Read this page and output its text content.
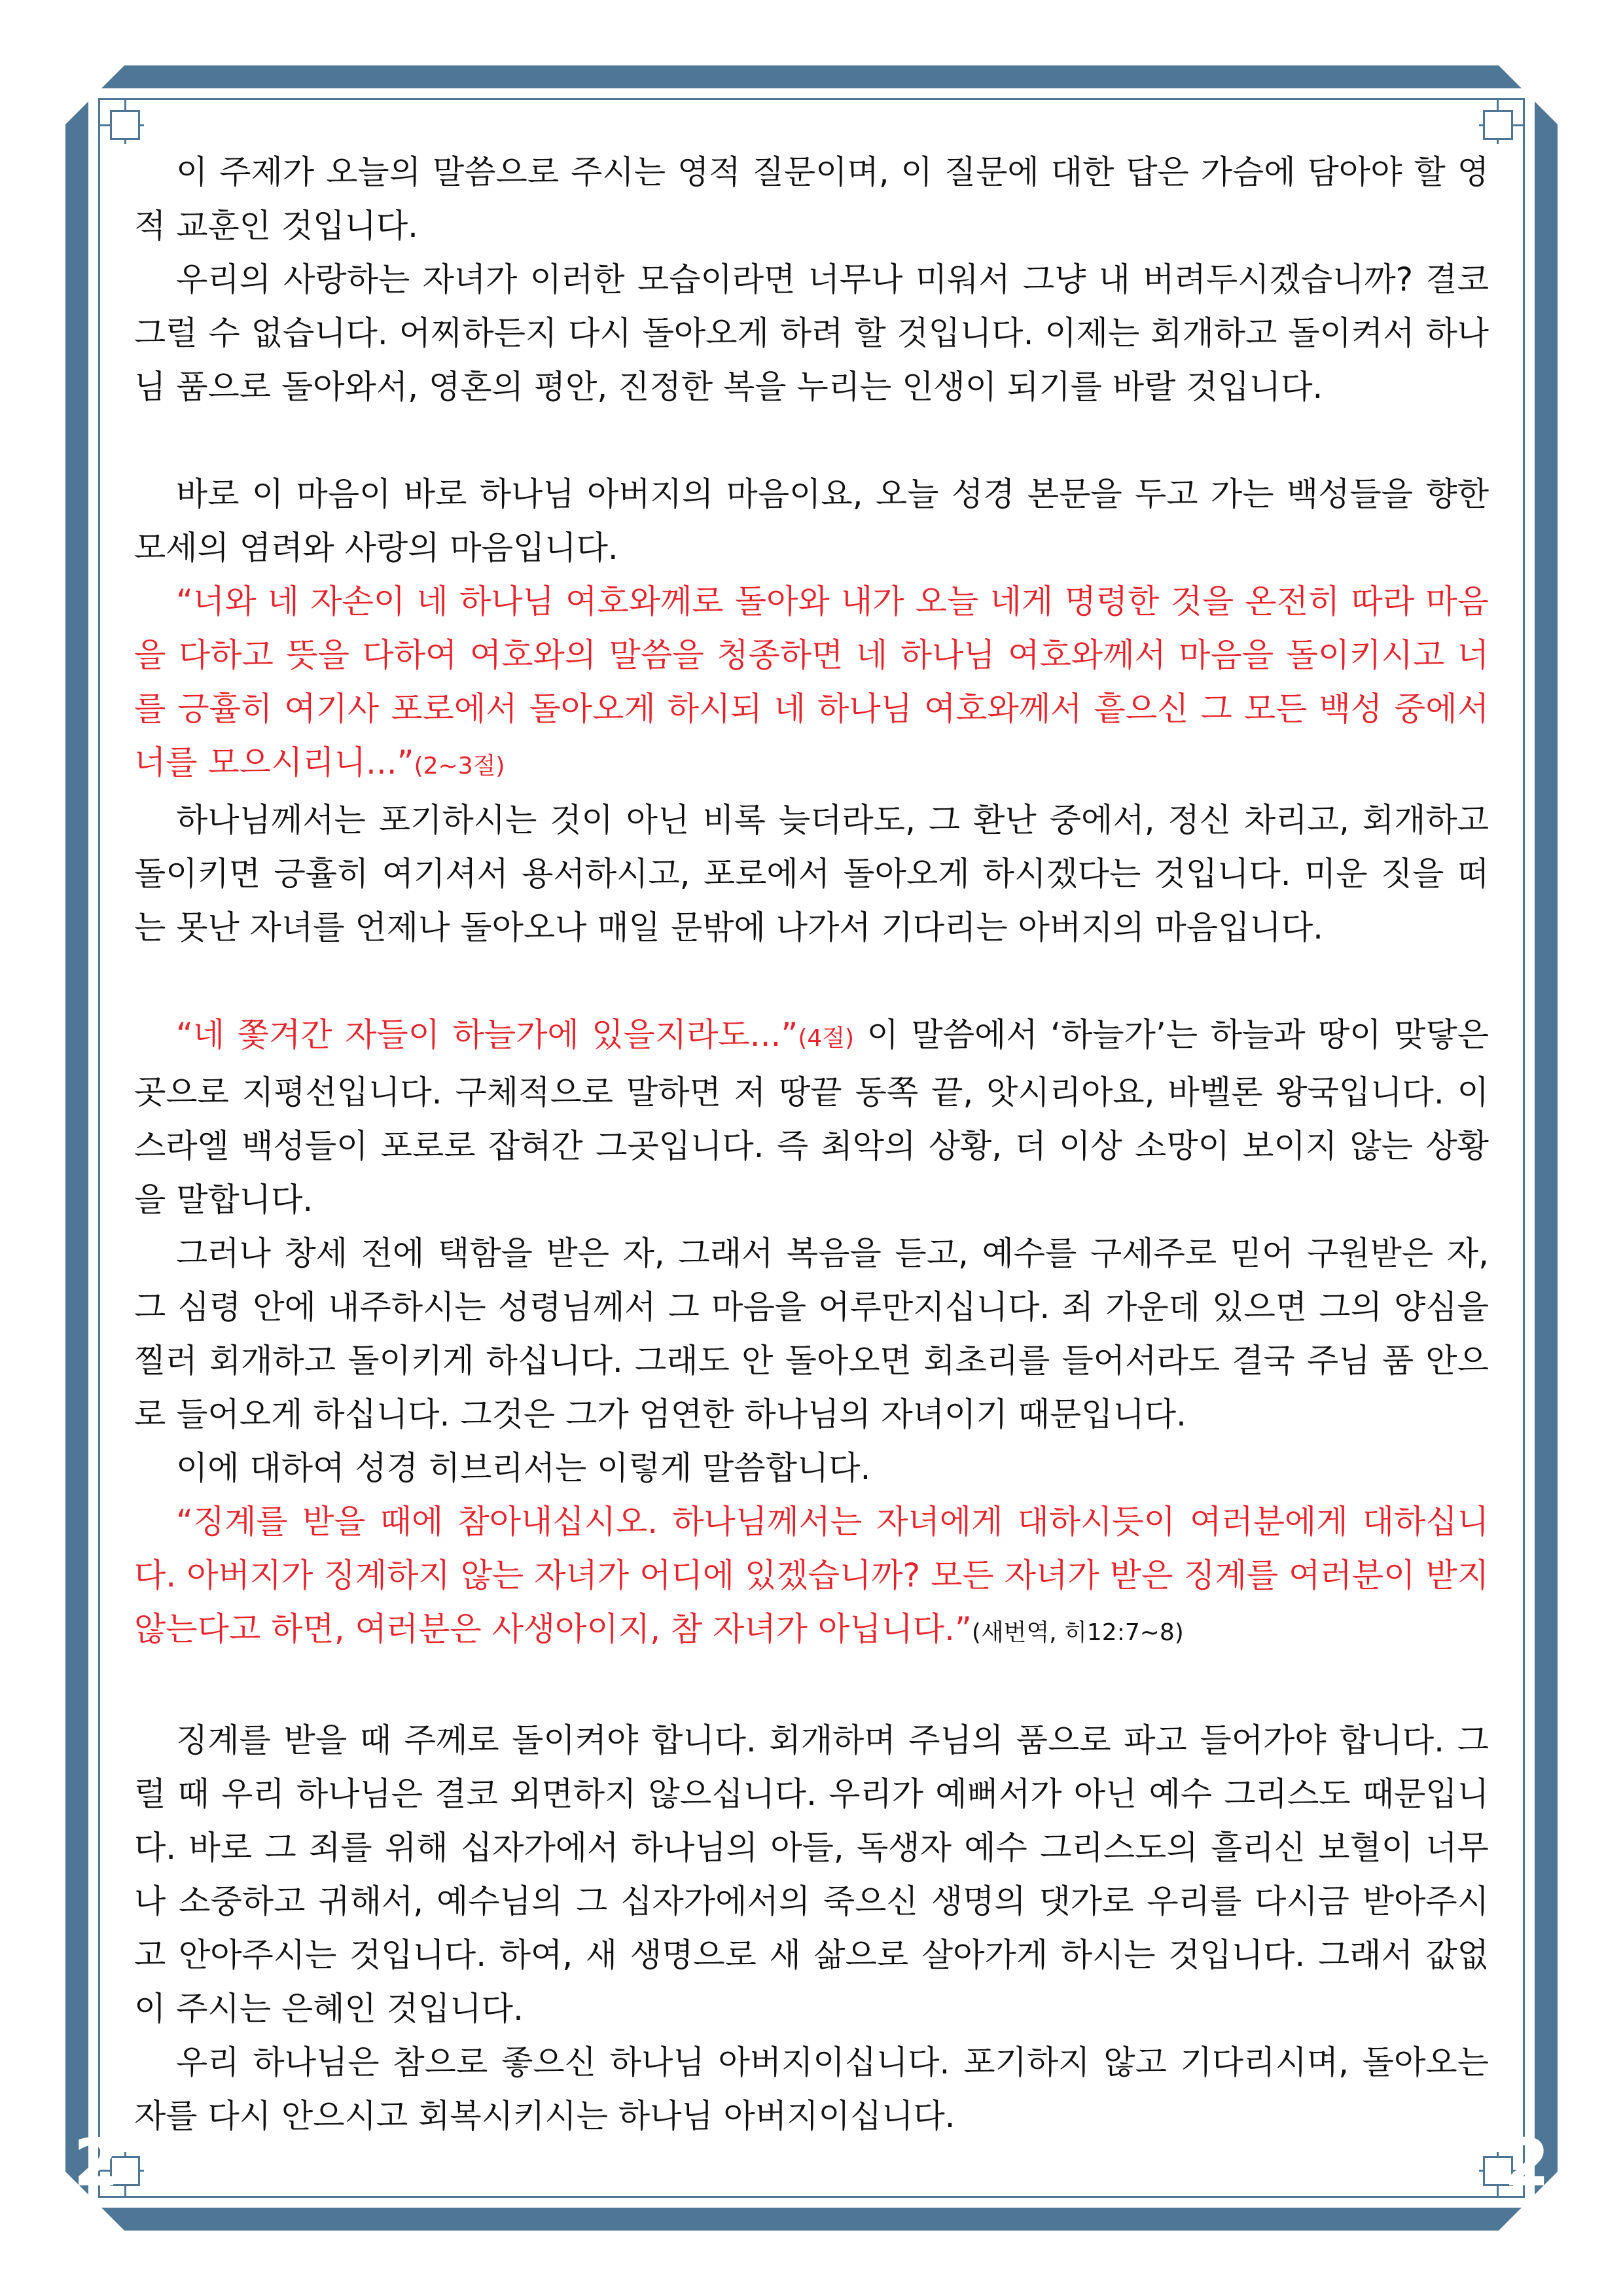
2	2

이 주제가 오늘의 말씀으로 주시는 영적 질문이며, 이 질문에 대한 답은 가슴에 담아야 할 영적 교훈인 것입니다.

우리의 사랑하는 자녀가 이러한 모습이라면 너무나 미워서 그냥 내 버려두시겠습니까? 결코 그럴 수 없습니다. 어찌하든지 다시 돌아오게 하려 할 것입니다. 이제는 회개하고 돌이켜서 하나님 품으로 돌아와서, 영혼의 평안, 진정한 복을 누리는 인생이 되기를 바랄 것입니다.

바로 이 마음이 바로 하나님 아버지의 마음이요, 오늘 성경 본문을 두고 가는 백성들을 향한 모세의 염려와 사랑의 마음입니다.

“너와 네 자손이 네 하나님 여호와께로 돌아와 내가 오늘 네게 명령한 것을 온전히 따라 마음을 다하고 뜻을 다하여 여호와의 말씀을 청종하면 네 하나님 여호와께서 마음을 돌이키시고 너를 긍휼히 여기사 포로에서 돌아오게 하시되 네 하나님 여호와께서 흩으신 그 모든 백성 중에서 너를 모으시리니...”(2~3절)

하나님께서는 포기하시는 것이 아닌 비록 늦더라도, 그 환난 중에서, 정신 차리고, 회개하고 돌이키면 긍휼히 여기셔서 용서하시고, 포로에서 돌아오게 하시겠다는 것입니다. 미운 짓을 떠는 못난 자녀를 언제나 돌아오나 매일 문밖에 나가서 기다리는 아버지의 마음입니다.

“네 쫓겨간 자들이 하늘가에 있을지라도...”(4절) 이 말씀에서 ‘하늘가’는 하늘과 땅이 맞닿은 곳으로 지평선입니다. 구체적으로 말하면 저 땅끝 동쪽 끝, 앗시리아요, 바벨론 왕국입니다. 이스라엘 백성들이 포로로 잡혀간 그곳입니다. 즉 최악의 상황, 더 이상 소망이 보이지 않는 상황을 말합니다.

그러나 창세 전에 택함을 받은 자, 그래서 복음을 듣고, 예수를 구세주로 믿어 구원받은 자, 그 심령 안에 내주하시는 성령님께서 그 마음을 어루만지십니다. 죄 가운데 있으면 그의 양심을 찔러 회개하고 돌이키게 하십니다. 그래도 안 돌아오면 회초리를 들어서라도 결국 주님 품 안으로 들어오게 하십니다. 그것은 그가 엄연한 하나님의 자녀이기 때문입니다.

이에 대하여 성경 히브리서는 이렇게 말씀합니다.

“징계를 받을 때에 참아내십시오. 하나님께서는 자녀에게 대하시듯이 여러분에게 대하십니다. 아버지가 징계하지 않는 자녀가 어디에 있겠습니까? 모든 자녀가 받은 징계를 여러분이 받지 않는다고 하면, 여러분은 사생아이지, 참 자녀가 아닙니다.”(새번역, 히12:7~8)

징계를 받을 때 주께로 돌이켜야 합니다. 회개하며 주님의 품으로 파고 들어가야 합니다. 그럴 때 우리 하나님은 결코 외면하지 않으십니다. 우리가 예뻐서가 아닌 예수 그리스도 때문입니다. 바로 그 죄를 위해 십자가에서 하나님의 아들, 독생자 예수 그리스도의 흘리신 보혈이 너무나 소중하고 귀해서, 예수님의 그 십자가에서의 죽으신 생명의 댓가로 우리를 다시금 받아주시고 안아주시는 것입니다. 하여, 새 생명으로 새 삶으로 살아가게 하시는 것입니다. 그래서 값없이 주시는 은혜인 것입니다.

우리 하나님은 참으로 좋으신 하나님 아버지이십니다. 포기하지 않고 기다리시며, 돌아오는 자를 다시 안으시고 회복시키시는 하나님 아버지이십니다.
